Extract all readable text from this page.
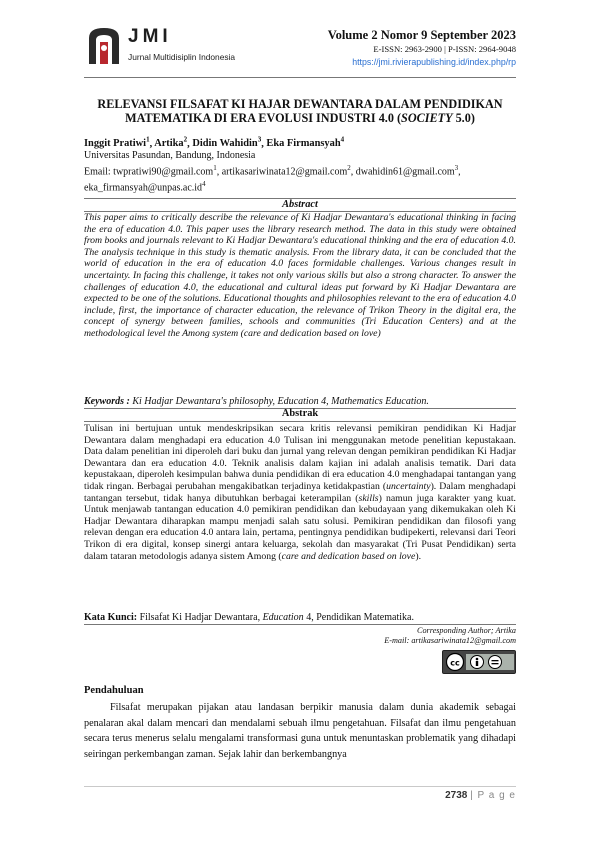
JMI
Jurnal Multidisiplin Indonesia
Volume 2 Nomor 9 September 2023
E-ISSN: 2963-2900 | P-ISSN: 2964-9048
https://jmi.rivierapublishing.id/index.php/rp
RELEVANSI FILSAFAT KI HAJAR DEWANTARA DALAM PENDIDIKAN
MATEMATIKA DI ERA EVOLUSI INDUSTRI 4.0 (SOCIETY 5.0)
Inggit Pratiwi$^1$, Artika$^2$, Didin Wahidin$^3$, Eka Firmansyah$^4$
Universitas Pasundan, Bandung, Indonesia
Email: twpratiwi90@gmail.com$^1$, artikasariwinata12@gmail.com$^2$, dwahidin61@gmail.com$^3$,
$eka\_firmansyah@unpas.ac.id^4$
Abstract
This paper aims to critically describe the relevance of Ki Hadjar Dewantara's educational thinking in facing the era of education 4.0. This paper uses the library research method. The data in this study were obtained from books and journals relevant to Ki Hadjar Dewantara's educational thinking and the era of education 4.0. The analysis technique in this study is thematic analysis. From the library data, it can be concluded that the world of education in the era of education 4.0 faces formidable challenges. Various changes result in uncertainty. In facing this challenge, it takes not only various skills but also a strong character. To answer the challenges of education 4.0, the educational and cultural ideas put forward by Ki Hadjar Dewantara are expected to be one of the solutions. Educational thoughts and philosophies relevant to the era of education 4.0 include, first, the importance of character education, the relevance of Trikon Theory in the digital era, the concept of synergy between families, schools and communities (Tri Education Centers) and at the methodological level the Among system (care and dedication based on love)
Keywords : Ki Hadjar Dewantara's philosophy, Education 4, Mathematics Education.
Abstrak
Tulisan ini bertujuan untuk mendeskripsikan secara kritis relevansi pemikiran pendidikan Ki Hadjar Dewantara dalam menghadapi era education 4.0 Tulisan ini menggunakan metode penelitian kepustakaan. Data dalam penelitian ini diperoleh dari buku dan jurnal yang relevan dengan pemikiran pendidikan Ki Hadjar Dewantara dan era education 4.0. Teknik analisis dalam kajian ini adalah analisis tematik. Dari data kepustakaan, diperoleh kesimpulan bahwa dunia pendidikan di era education 4.0 menghadapai tantangan yang tidak ringan. Berbagai perubahan mengakibatkan terjadinya ketidakpastian (uncertainty). Dalam menghadapi tantangan tersebut, tidak hanya dibutuhkan berbagai keterampilan (skills) namun juga karakter yang kuat. Untuk menjawab tantangan education 4.0 pemikiran pendidikan dan kebudayaan yang dikemukakan oleh Ki Hadjar Dewantara diharapkan mampu menjadi salah satu solusi. Pemikiran pendidikan dan filosofi yang relevan dengan era education 4.0 antara lain, pertama, pentingnya pendidikan budipekerti, relevansi dari Teori Trikon di era digital, konsep sinergi antara keluarga, sekolah dan masyarakat (Tri Pusat Pendidikan) serta dalam tataran metodologis adanya sistem Among (care and dedication based on love).
Kata Kunci: Filsafat Ki Hadjar Dewantara, Education 4, Pendidikan Matematika.
Corresponding Author; Artika
E-mail: artikasariwinata12@gmail.com
cc
Pendahuluan
Filsafat merupakan pijakan atau landasan berpikir manusia dalam dunia akademik sebagai penalaran akal dalam mencari dan mendalami sebuah ilmu pengetahuan. Filsafat dan ilmu pengetahuan secara terus menerus selalu mengalami transformasi guna untuk menuntaskan problematik yang dihadapi seiringan perkembangan zaman. Sejak lahir dan berkembangnya
2738 | P a g e
